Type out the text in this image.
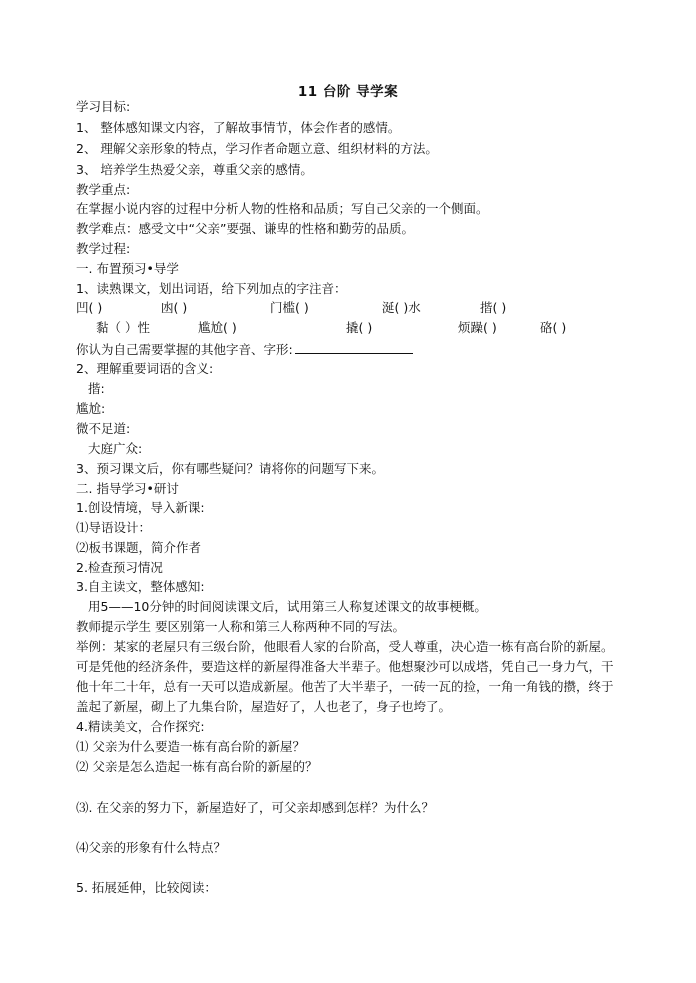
11 台阶 导学案
学习目标:
1、 整体感知课文内容，了解故事情节，体会作者的感情。
2、 理解父亲形象的特点，学习作者命题立意、组织材料的方法。
3、 培养学生热爱父亲，尊重父亲的感情。
教学重点:
在掌握小说内容的过程中分析人物的性格和品质；写自己父亲的一个侧面。
教学难点：感受文中“父亲”要强、谦卑的性格和勤劳的品质。
教学过程:
一. 布置预习•导学
1、读熟课文，划出词语，给下列加点的字注音：
凹( )	凼( )	门槛( )	涎( )水	揩( )
黏（ ）性	尴尬( )	撬( )	烦躁( )	硌( )
你认为自己需要掌握的其他字音、字形:
2、理解重要词语的含义:
揩:
尴尬:
微不足道:
大庭广众:
3、预习课文后，你有哪些疑问？请将你的问题写下来。
二. 指导学习•研讨
1.创设情境，导入新课:
⑴导语设计：
⑵板书课题，简介作者
2.检查预习情况
3.自主读文，整体感知:
用5——10分钟的时间阅读课文后，试用第三人称复述课文的故事梗概。
教师提示学生 要区别第一人称和第三人称两种不同的写法。
举例：某家的老屋只有三级台阶，他眼看人家的台阶高，受人尊重，决心造一栋有高台阶的新屋。
可是凭他的经济条件，要造这样的新屋得准备大半辈子。他想聚沙可以成塔，凭自己一身力气，干
他十年二十年，总有一天可以造成新屋。他苦了大半辈子，一砖一瓦的捡，一角一角钱的攒，终于
盖起了新屋，砌上了九集台阶，屋造好了，人也老了，身子也垮了。
4.精读美文，合作探究:
⑴ 父亲为什么要造一栋有高台阶的新屋？
⑵ 父亲是怎么造起一栋有高台阶的新屋的？
⑶. 在父亲的努力下，新屋造好了，可父亲却感到怎样？为什么？
⑷父亲的形象有什么特点？
5. 拓展延伸，比较阅读：
